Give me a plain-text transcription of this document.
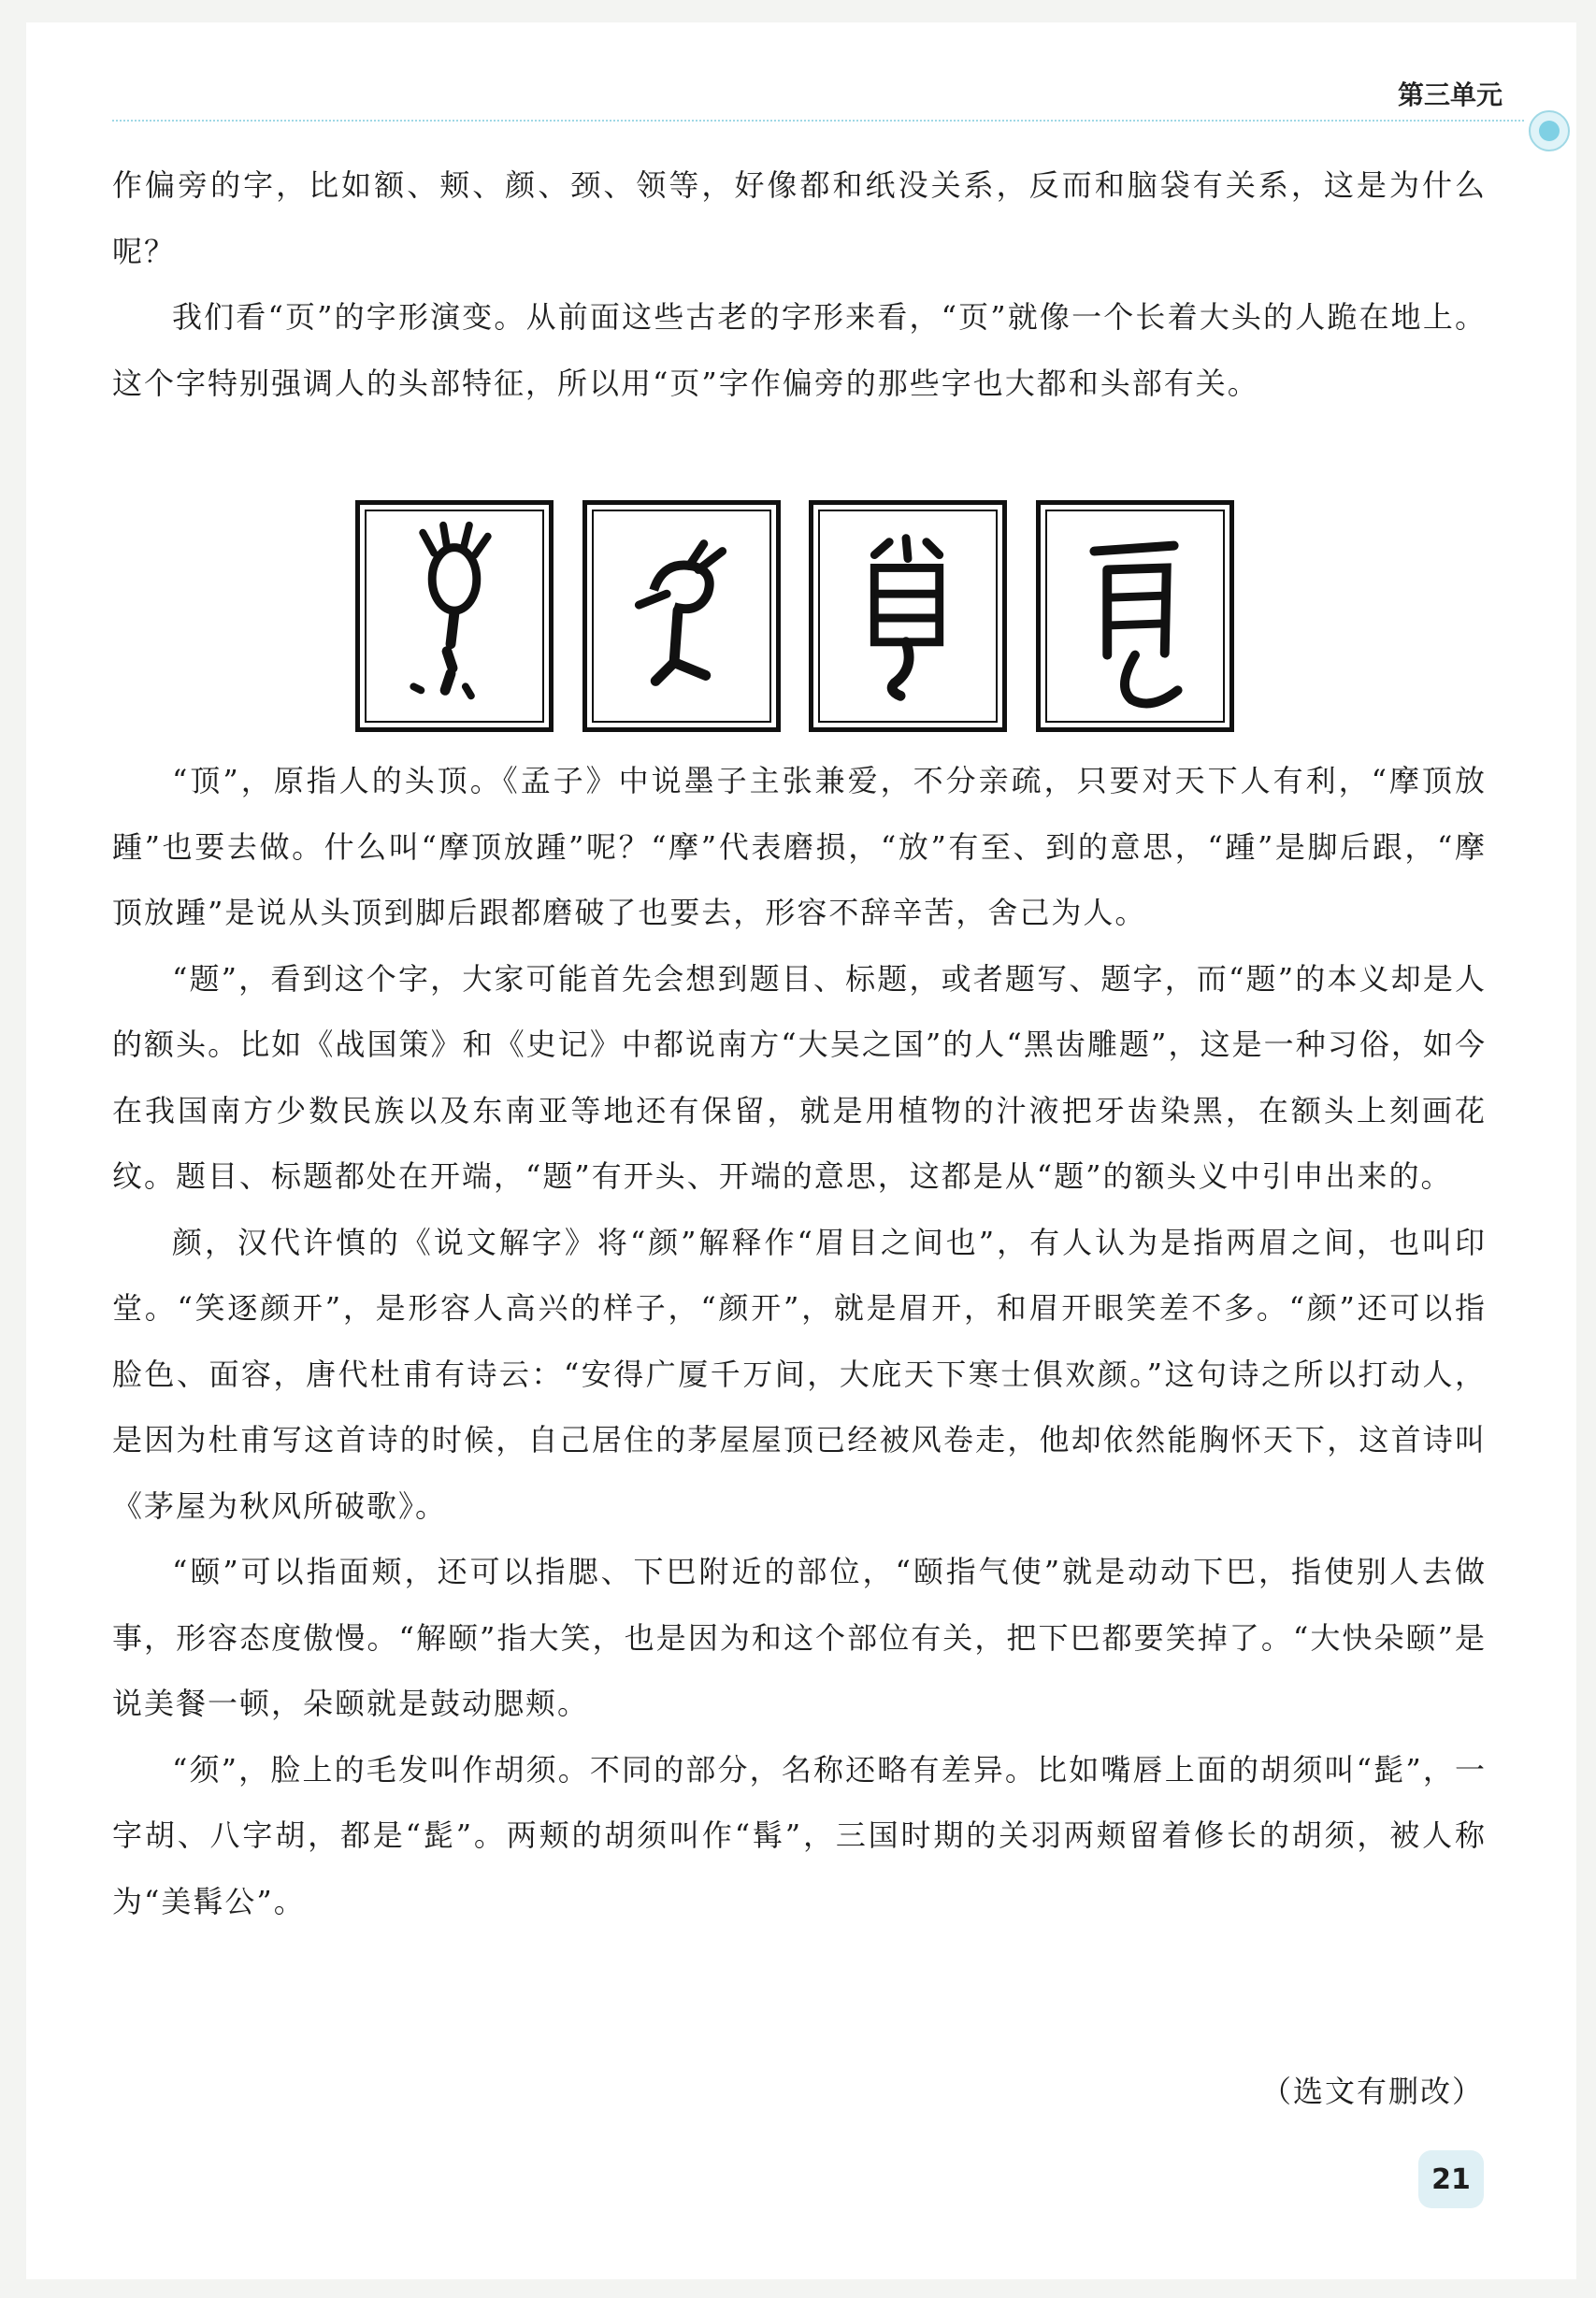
第三单元

作偏旁的字，比如额、颊、颜、颈、领等，好像都和纸没关系，反而和脑袋有关系，这是为什么呢？

我们看“页”的字形演变。从前面这些古老的字形来看，“页”就像一个长着大头的人跪在地上。这个字特别强调人的头部特征，所以用“页”字作偏旁的那些字也大都和头部有关。

“顶”，原指人的头顶。《孟子》中说墨子主张兼爱，不分亲疏，只要对天下人有利，“摩顶放踵”也要去做。什么叫“摩顶放踵”呢？“摩”代表磨损，“放”有至、到的意思，“踵”是脚后跟，“摩顶放踵”是说从头顶到脚后跟都磨破了也要去，形容不辞辛苦，舍己为人。

“题”，看到这个字，大家可能首先会想到题目、标题，或者题写、题字，而“题”的本义却是人的额头。比如《战国策》和《史记》中都说南方“大吴之国”的人“黑齿雕题”，这是一种习俗，如今在我国南方少数民族以及东南亚等地还有保留，就是用植物的汁液把牙齿染黑，在额头上刻画花纹。题目、标题都处在开端，“题”有开头、开端的意思，这都是从“题”的额头义中引申出来的。

颜，汉代许慎的《说文解字》将“颜”解释作“眉目之间也”，有人认为是指两眉之间，也叫印堂。“笑逐颜开”，是形容人高兴的样子，“颜开”，就是眉开，和眉开眼笑差不多。“颜”还可以指脸色、面容，唐代杜甫有诗云：“安得广厦千万间，大庇天下寒士俱欢颜。”这句诗之所以打动人，是因为杜甫写这首诗的时候，自己居住的茅屋屋顶已经被风卷走，他却依然能胸怀天下，这首诗叫《茅屋为秋风所破歌》。

“颐”可以指面颊，还可以指腮、下巴附近的部位，“颐指气使”就是动动下巴，指使别人去做事，形容态度傲慢。“解颐”指大笑，也是因为和这个部位有关，把下巴都要笑掉了。“大快朵颐”是说美餐一顿，朵颐就是鼓动腮颊。

“须”，脸上的毛发叫作胡须。不同的部分，名称还略有差异。比如嘴唇上面的胡须叫“髭”，一字胡、八字胡，都是“髭”。两颊的胡须叫作“髯”，三国时期的关羽两颊留着修长的胡须，被人称为“美髯公”。

（选文有删改）
21
